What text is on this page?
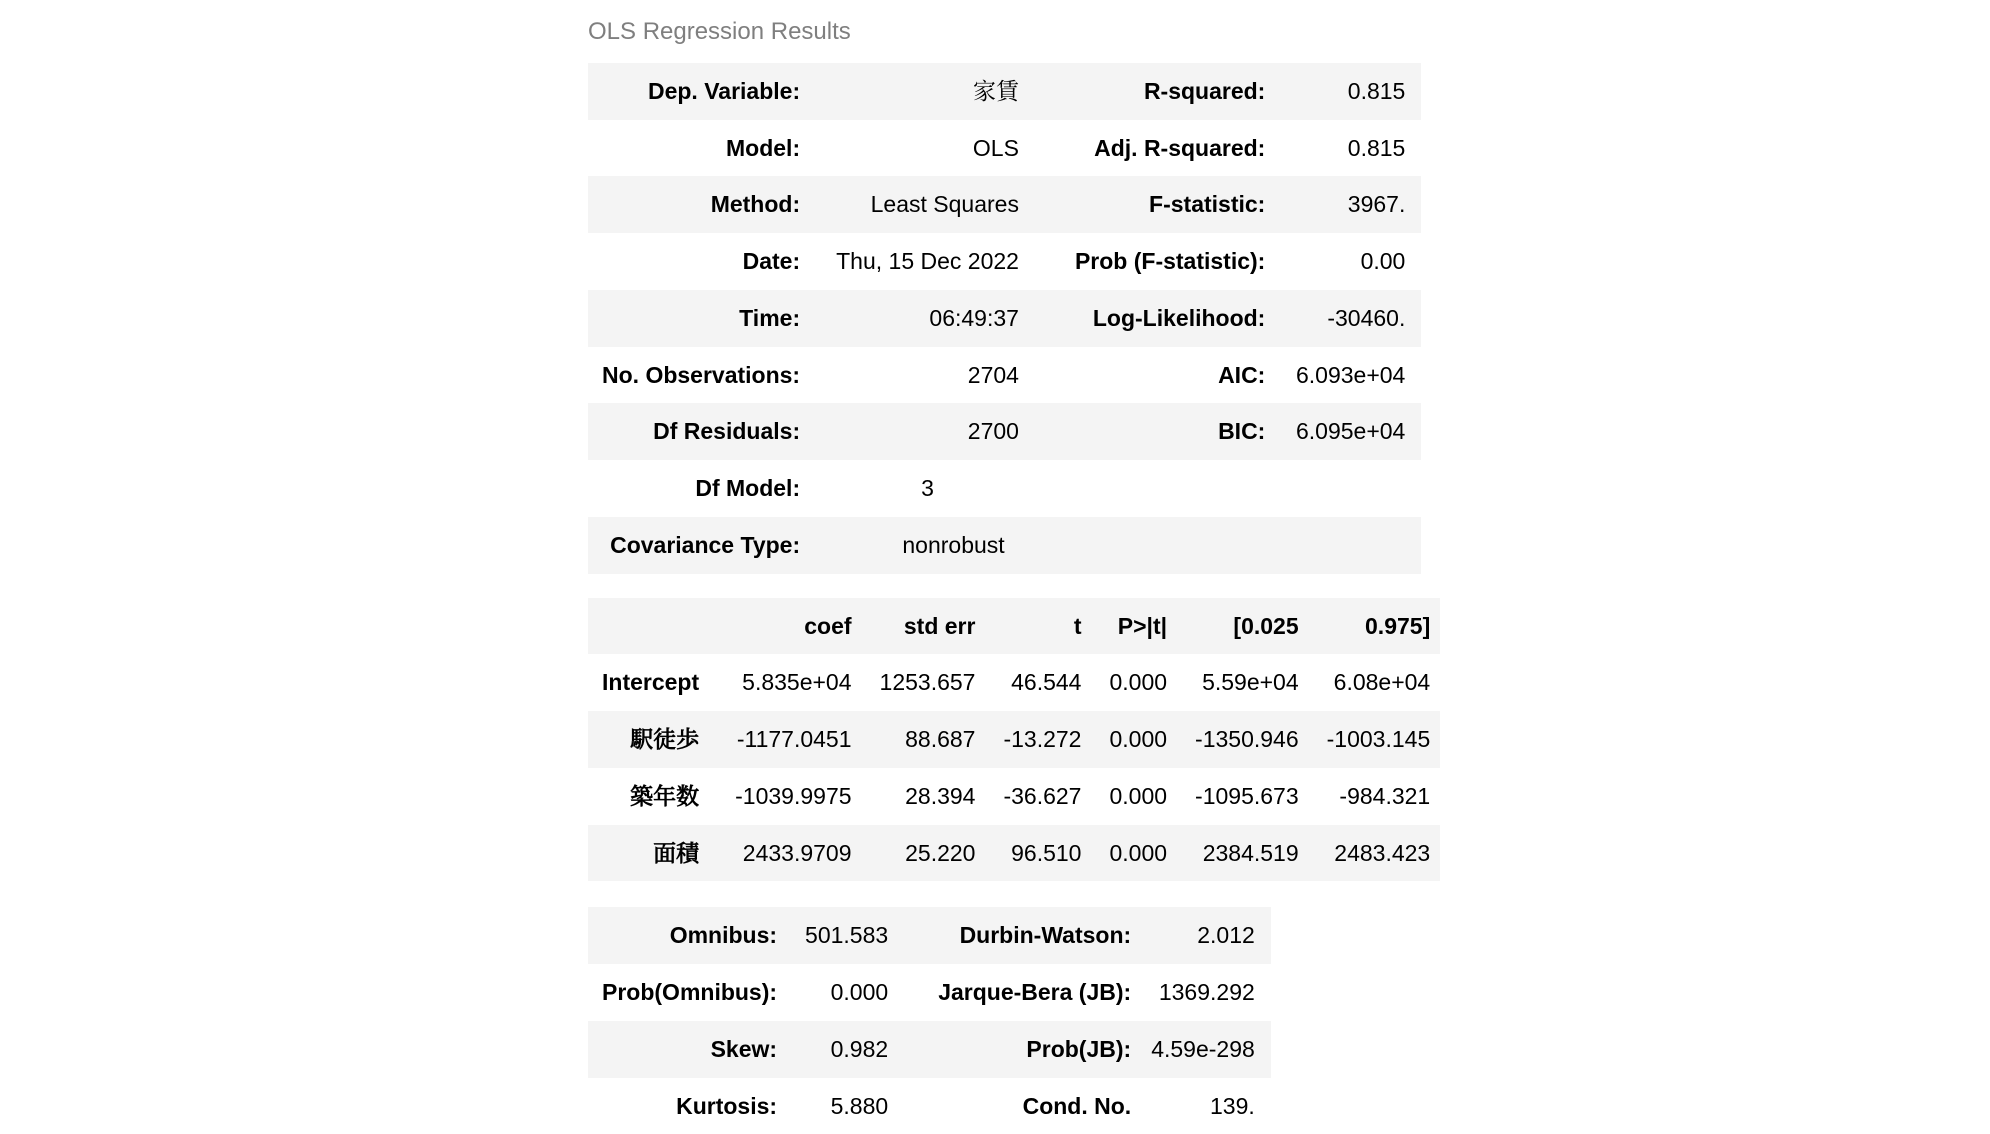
OLS Regression Results
Dep. Variable:	家賃	R-squared:	0.815
Model:	OLS	Adj. R-squared:	0.815
Method:	Least Squares	F-statistic:	3967.
Date:	Thu, 15 Dec 2022	Prob (F-statistic):	0.00
Time:	06:49:37	Log-Likelihood:	-30460.
No. Observations:	2704	AIC:	6.093e+04
Df Residuals:	2700	BIC:	6.095e+04
Df Model:	3		
Covariance Type:	nonrobust		
	coef	std err	t	P>|t|	[0.025	0.975]
Intercept	5.835e+04	1253.657	46.544	0.000	5.59e+04	6.08e+04
駅徒歩	-1177.0451	88.687	-13.272	0.000	-1350.946	-1003.145
築年数	-1039.9975	28.394	-36.627	0.000	-1095.673	-984.321
面積	2433.9709	25.220	96.510	0.000	2384.519	2483.423
Omnibus:	501.583	Durbin-Watson:	2.012
Prob(Omnibus):	0.000	Jarque-Bera (JB):	1369.292
Skew:	0.982	Prob(JB):	4.59e-298
Kurtosis:	5.880	Cond. No.	139.
